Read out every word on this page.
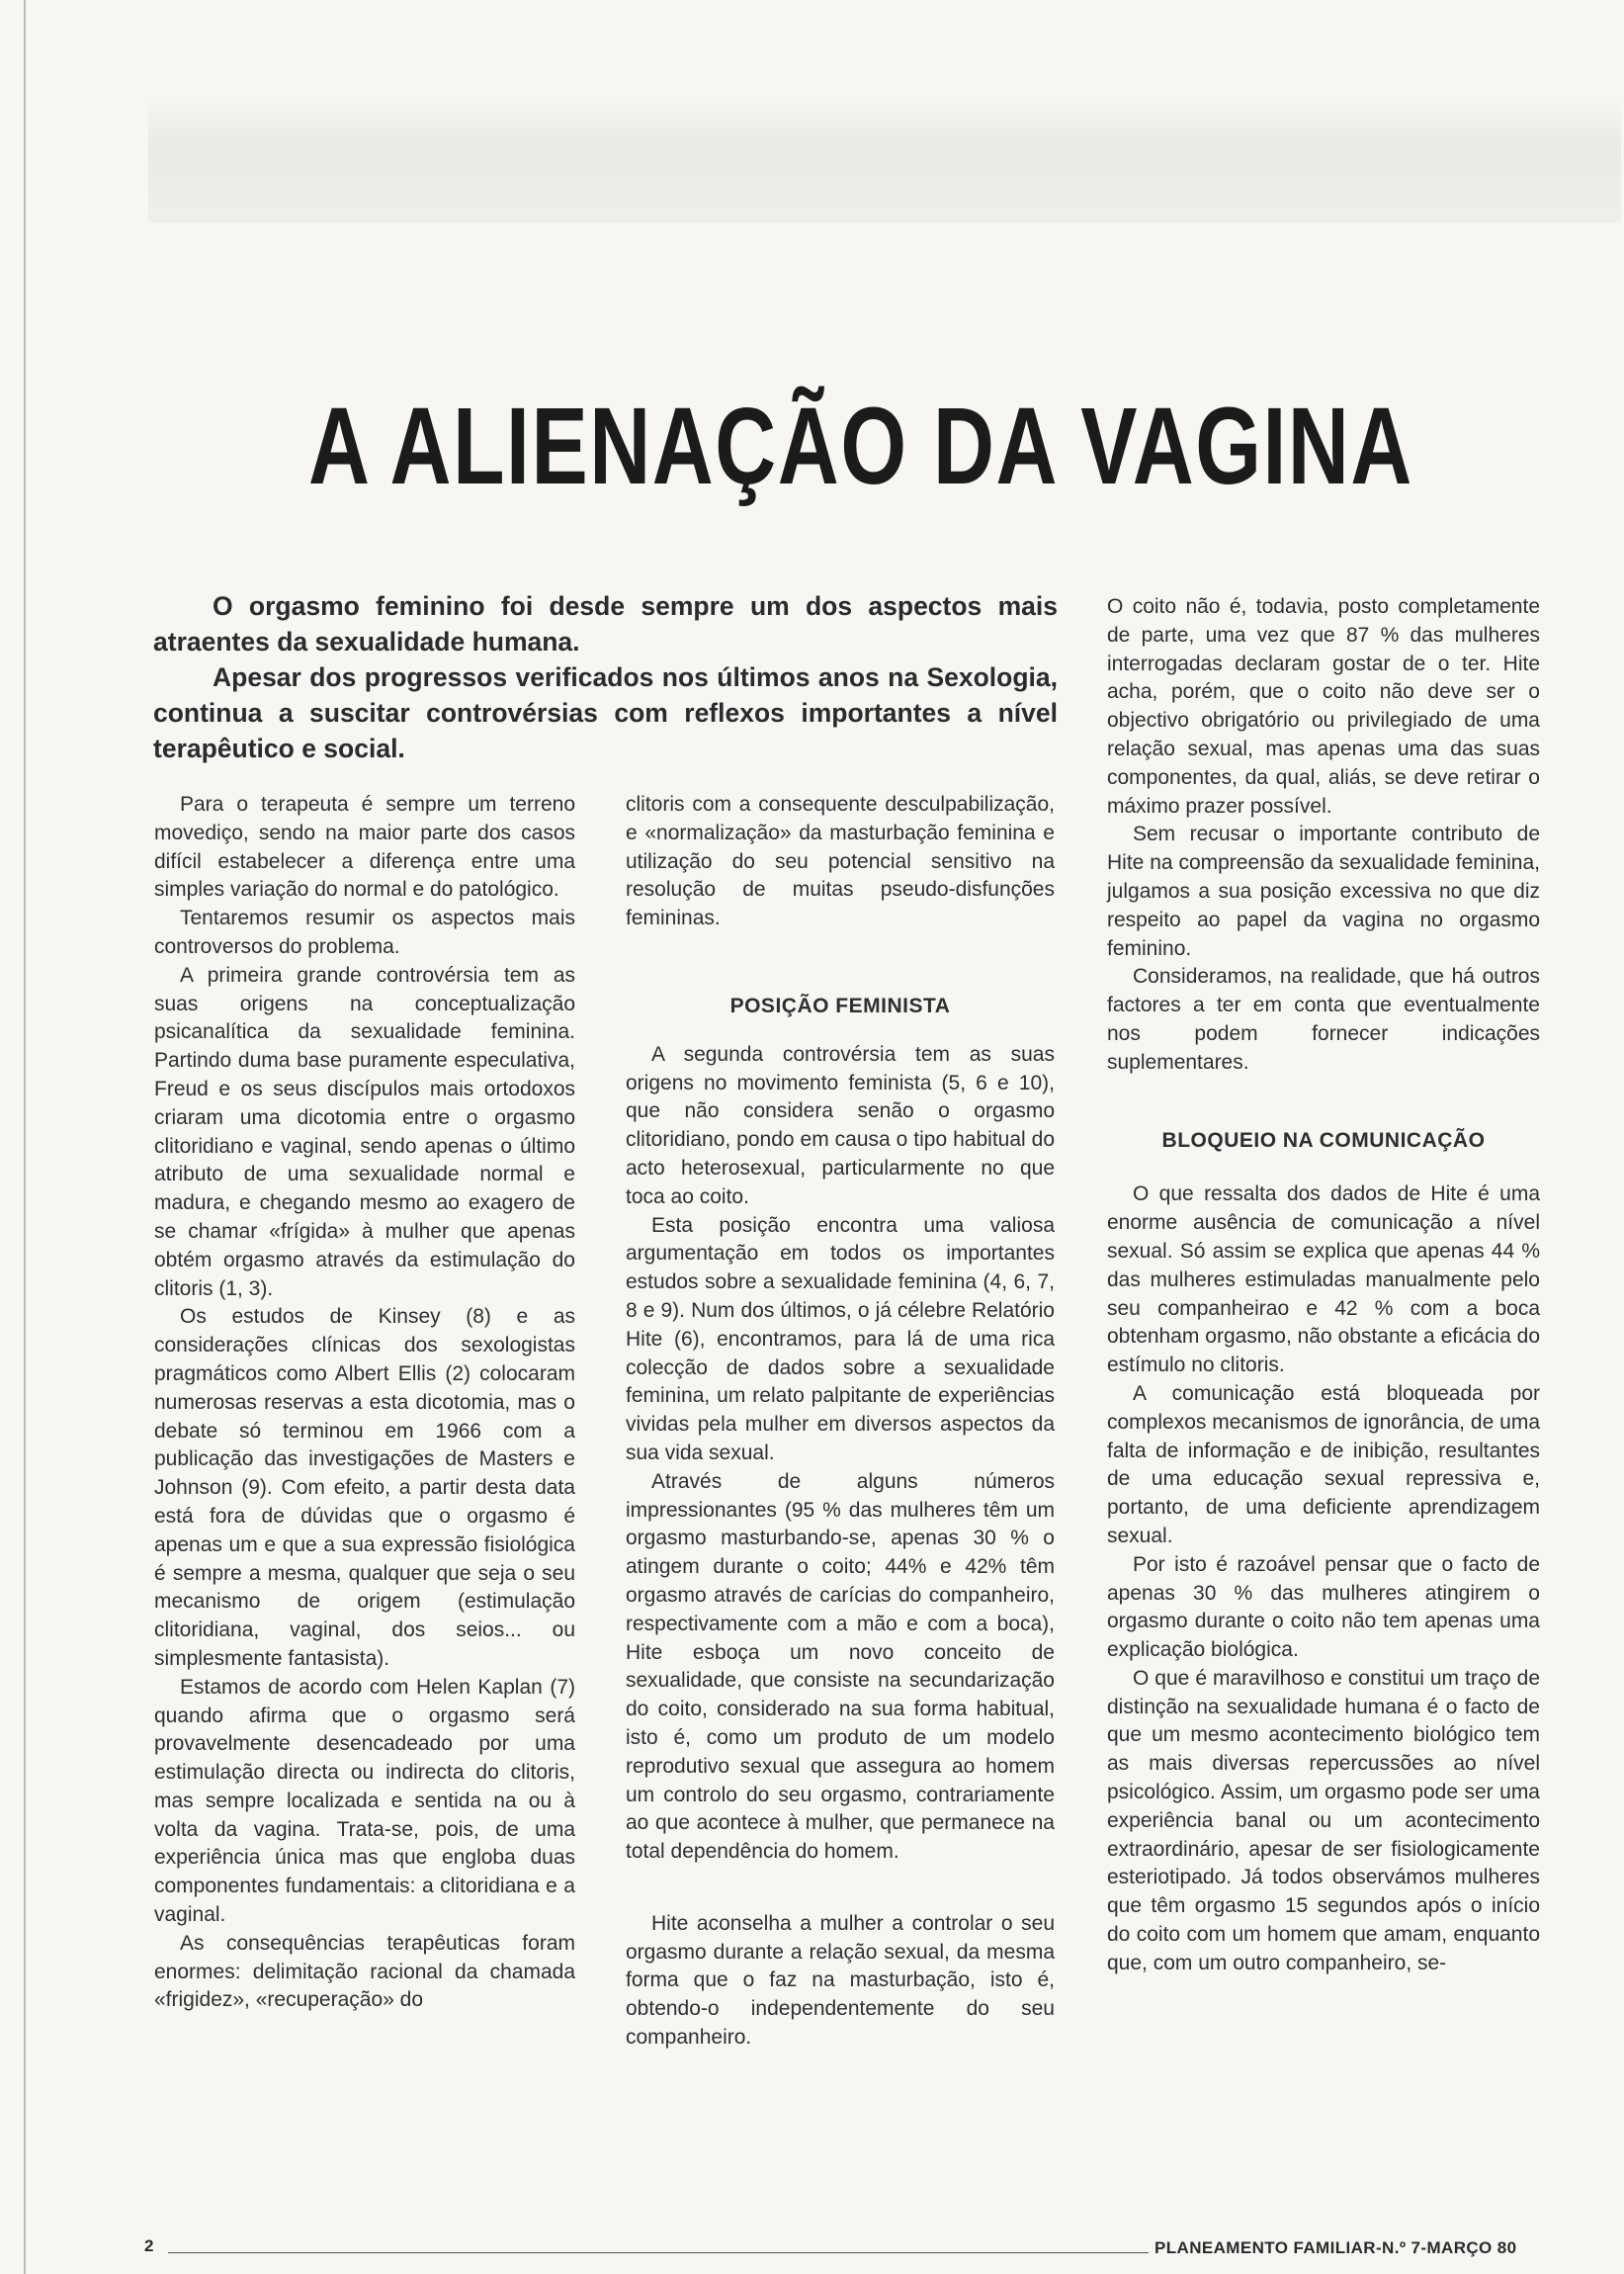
A ALIENAÇÃO DA VAGINA

O orgasmo feminino foi desde sempre um dos aspectos mais atraentes da sexualidade humana.

Apesar dos progressos verificados nos últimos anos na Sexologia, continua a suscitar controvérsias com reflexos importantes a nível terapêutico e social.

Para o terapeuta é sempre um terreno movediço, sendo na maior parte dos casos difícil estabelecer a diferença entre uma simples variação do normal e do patológico.

Tentaremos resumir os aspectos mais controversos do problema.

A primeira grande controvérsia tem as suas origens na conceptualização psicanalítica da sexualidade feminina. Partindo duma base puramente especulativa, Freud e os seus discípulos mais ortodoxos criaram uma dicotomia entre o orgasmo clitoridiano e vaginal, sendo apenas o último atributo de uma sexualidade normal e madura, e chegando mesmo ao exagero de se chamar «frígida» à mulher que apenas obtém orgasmo através da estimulação do clitoris (1, 3).

Os estudos de Kinsey (8) e as considerações clínicas dos sexologistas pragmáticos como Albert Ellis (2) colocaram numerosas reservas a esta dicotomia, mas o debate só terminou em 1966 com a publicação das investigações de Masters e Johnson (9). Com efeito, a partir desta data está fora de dúvidas que o orgasmo é apenas um e que a sua expressão fisiológica é sempre a mesma, qualquer que seja o seu mecanismo de origem (estimulação clitoridiana, vaginal, dos seios... ou simplesmente fantasista).

Estamos de acordo com Helen Kaplan (7) quando afirma que o orgasmo será provavelmente desencadeado por uma estimulação directa ou indirecta do clitoris, mas sempre localizada e sentida na ou à volta da vagina. Trata-se, pois, de uma experiência única mas que engloba duas componentes fundamentais: a clitoridiana e a vaginal.

As consequências terapêuticas foram enormes: delimitação racional da chamada «frigidez», «recuperação» do

clitoris com a consequente desculpabilização, e «normalização» da masturbação feminina e utilização do seu potencial sensitivo na resolução de muitas pseudo-disfunções femininas.

POSIÇÃO FEMINISTA

A segunda controvérsia tem as suas origens no movimento feminista (5, 6 e 10), que não considera senão o orgasmo clitoridiano, pondo em causa o tipo habitual do acto heterosexual, particularmente no que toca ao coito.

Esta posição encontra uma valiosa argumentação em todos os importantes estudos sobre a sexualidade feminina (4, 6, 7, 8 e 9). Num dos últimos, o já célebre Relatório Hite (6), encontramos, para lá de uma rica colecção de dados sobre a sexualidade feminina, um relato palpitante de experiências vividas pela mulher em diversos aspectos da sua vida sexual.

Através de alguns números impressionantes (95 % das mulheres têm um orgasmo masturbando-se, apenas 30 % o atingem durante o coito; 44% e 42% têm orgasmo através de carícias do companheiro, respectivamente com a mão e com a boca), Hite esboça um novo conceito de sexualidade, que consiste na secundarização do coito, considerado na sua forma habitual, isto é, como um produto de um modelo reprodutivo sexual que assegura ao homem um controlo do seu orgasmo, contrariamente ao que acontece à mulher, que permanece na total dependência do homem.

Hite aconselha a mulher a controlar o seu orgasmo durante a relação sexual, da mesma forma que o faz na masturbação, isto é, obtendo-o independentemente do seu companheiro.

O coito não é, todavia, posto completamente de parte, uma vez que 87 % das mulheres interrogadas declaram gostar de o ter. Hite acha, porém, que o coito não deve ser o objectivo obrigatório ou privilegiado de uma relação sexual, mas apenas uma das suas componentes, da qual, aliás, se deve retirar o máximo prazer possível.

Sem recusar o importante contributo de Hite na compreensão da sexualidade feminina, julgamos a sua posição excessiva no que diz respeito ao papel da vagina no orgasmo feminino.

Consideramos, na realidade, que há outros factores a ter em conta que eventualmente nos podem fornecer indicações suplementares.

BLOQUEIO NA COMUNICAÇÃO

O que ressalta dos dados de Hite é uma enorme ausência de comunicação a nível sexual. Só assim se explica que apenas 44 % das mulheres estimuladas manualmente pelo seu companheirao e 42 % com a boca obtenham orgasmo, não obstante a eficácia do estímulo no clitoris.

A comunicação está bloqueada por complexos mecanismos de ignorância, de uma falta de informação e de inibição, resultantes de uma educação sexual repressiva e, portanto, de uma deficiente aprendizagem sexual.

Por isto é razoável pensar que o facto de apenas 30 % das mulheres atingirem o orgasmo durante o coito não tem apenas uma explicação biológica.

O que é maravilhoso e constitui um traço de distinção na sexualidade humana é o facto de que um mesmo acontecimento biológico tem as mais diversas repercussões ao nível psicológico. Assim, um orgasmo pode ser uma experiência banal ou um acontecimento extraordinário, apesar de ser fisiologicamente esteriotipado. Já todos observámos mulheres que têm orgasmo 15 segundos após o início do coito com um homem que amam, enquanto que, com um outro companheiro, se-

2	PLANEAMENTO FAMILIAR-N.º 7-MARÇO 80
